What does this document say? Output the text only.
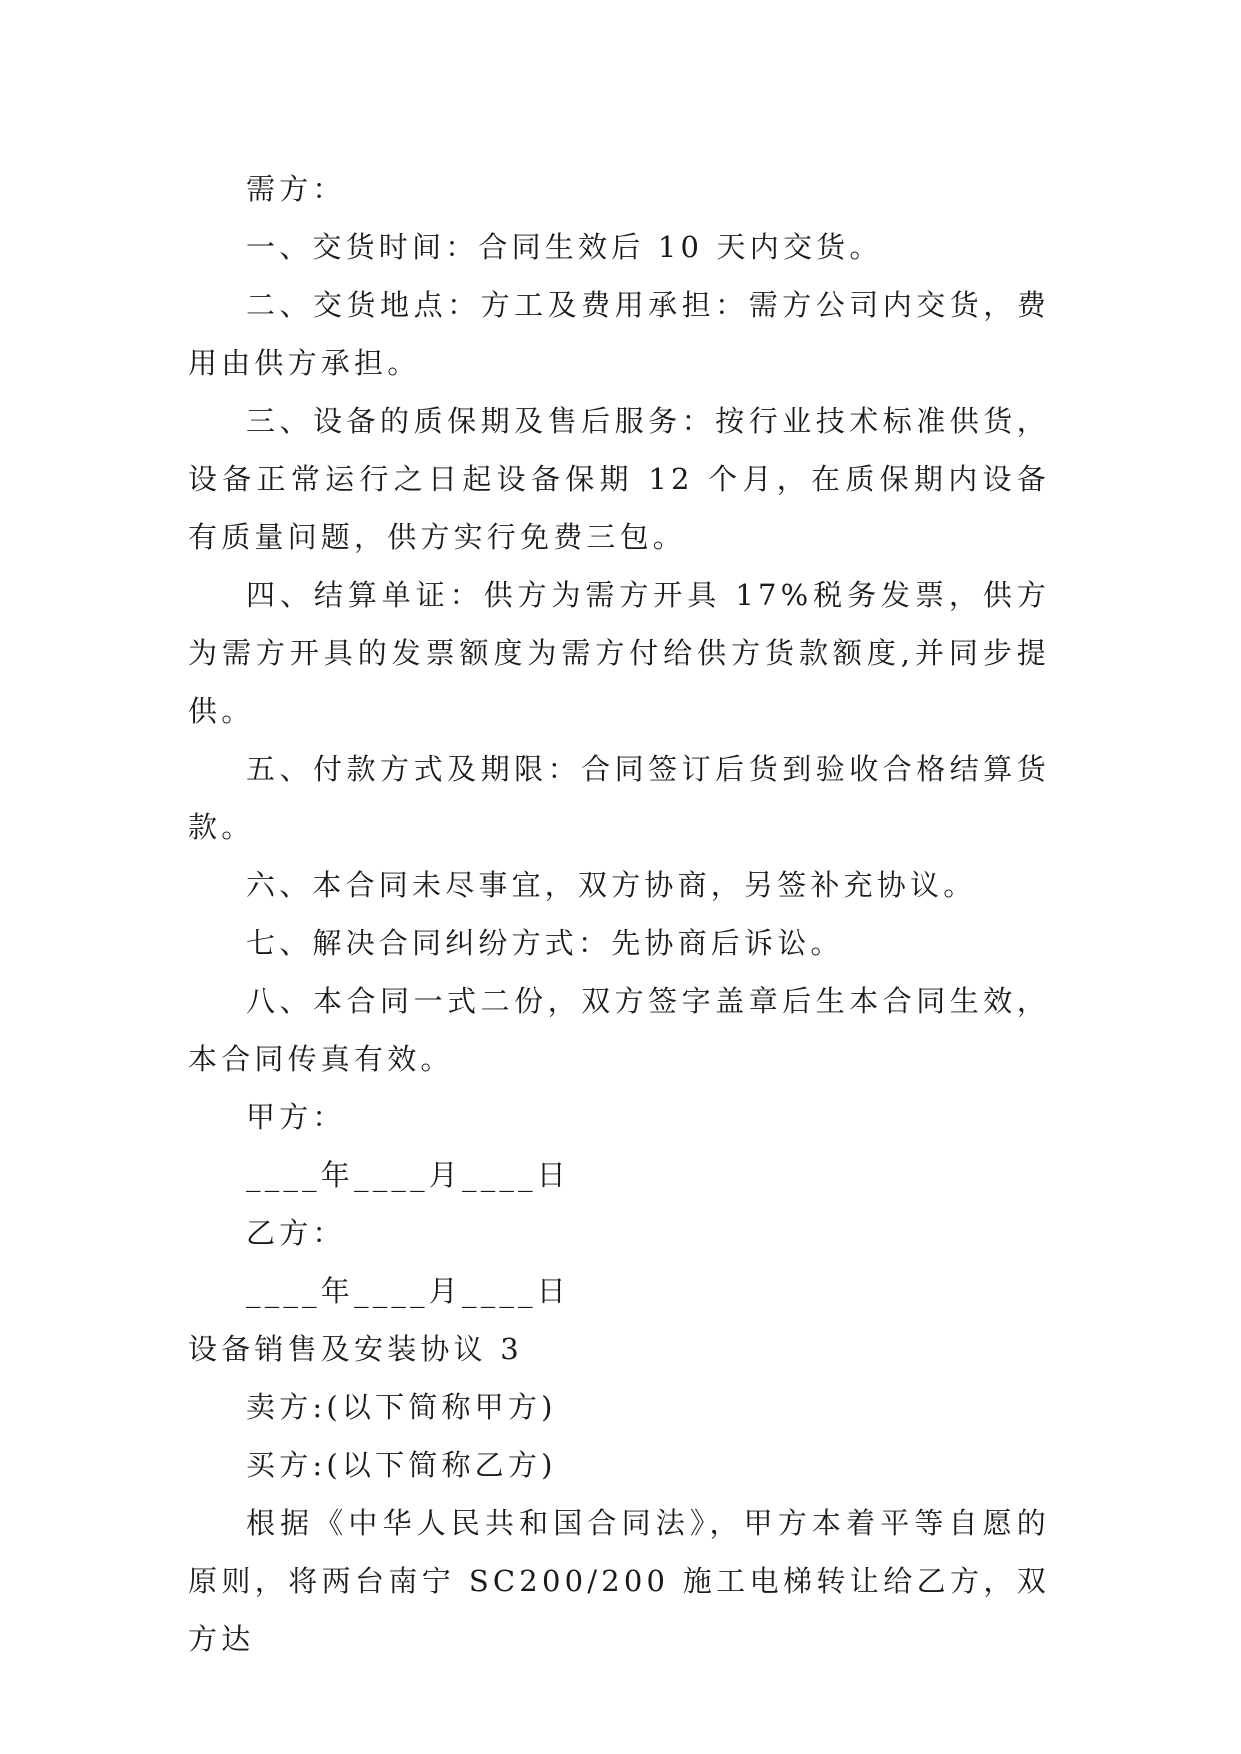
需方：

一、交货时间：合同生效后 10 天内交货。

二、交货地点：方工及费用承担：需方公司内交货，费用由供方承担。

三、设备的质保期及售后服务：按行业技术标准供货，设备正常运行之日起设备保期 12 个月，在质保期内设备有质量问题，供方实行免费三包。

四、结算单证：供方为需方开具 17%税务发票，供方为需方开具的发票额度为需方付给供方货款额度,并同步提供。

五、付款方式及期限：合同签订后货到验收合格结算货款。

六、本合同未尽事宜，双方协商，另签补充协议。

七、解决合同纠纷方式：先协商后诉讼。

八、本合同一式二份，双方签字盖章后生本合同生效，本合同传真有效。

甲方：

____年____月____日

乙方：

____年____月____日

设备销售及安装协议 3

卖方:(以下简称甲方)

买方:(以下简称乙方)

根据《中华人民共和国合同法》，甲方本着平等自愿的原则，将两台南宁 SC200/200 施工电梯转让给乙方，双方达
